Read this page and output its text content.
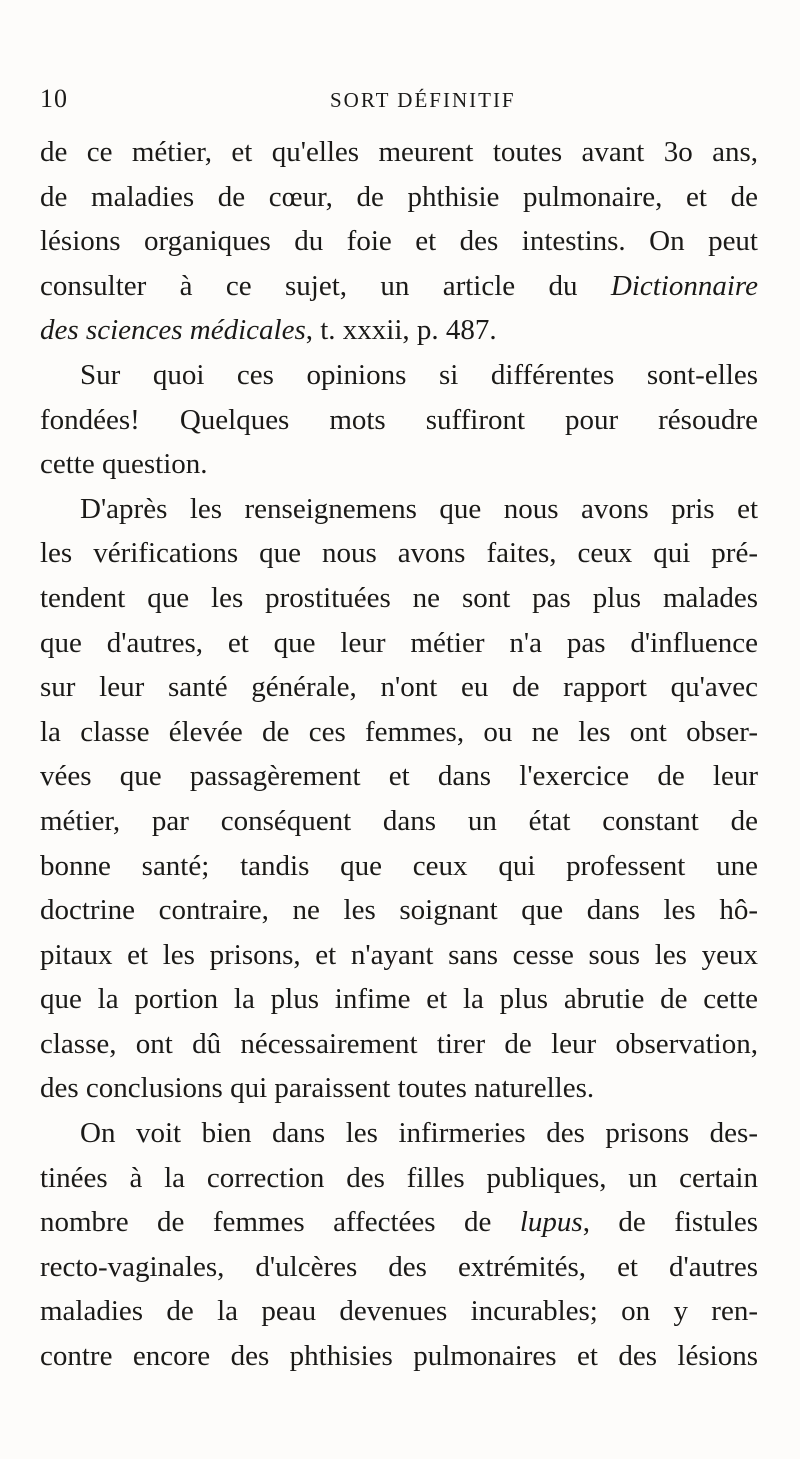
10	SORT DÉFINITIF
de ce métier, et qu'elles meurent toutes avant 3o ans,
de maladies de cœur, de phthisie pulmonaire, et de
lésions organiques du foie et des intestins. On peut
consulter à ce sujet, un article du Dictionnaire
des sciences médicales, t. xxxii, p. 487.
Sur quoi ces opinions si différentes sont-elles
fondées! Quelques mots suffiront pour résoudre
cette question.
D'après les renseignemens que nous avons pris et
les vérifications que nous avons faites, ceux qui pré-
tendent que les prostituées ne sont pas plus malades
que d'autres, et que leur métier n'a pas d'influence
sur leur santé générale, n'ont eu de rapport qu'avec
la classe élevée de ces femmes, ou ne les ont obser-
vées que passagèrement et dans l'exercice de leur
métier, par conséquent dans un état constant de
bonne santé; tandis que ceux qui professent une
doctrine contraire, ne les soignant que dans les hô-
pitaux et les prisons, et n'ayant sans cesse sous les yeux
que la portion la plus infime et la plus abrutie de cette
classe, ont dû nécessairement tirer de leur observation,
des conclusions qui paraissent toutes naturelles.
On voit bien dans les infirmeries des prisons des-
tinées à la correction des filles publiques, un certain
nombre de femmes affectées de lupus, de fistules
recto-vaginales, d'ulcères des extrémités, et d'autres
maladies de la peau devenues incurables; on y ren-
contre encore des phthisies pulmonaires et des lésions
